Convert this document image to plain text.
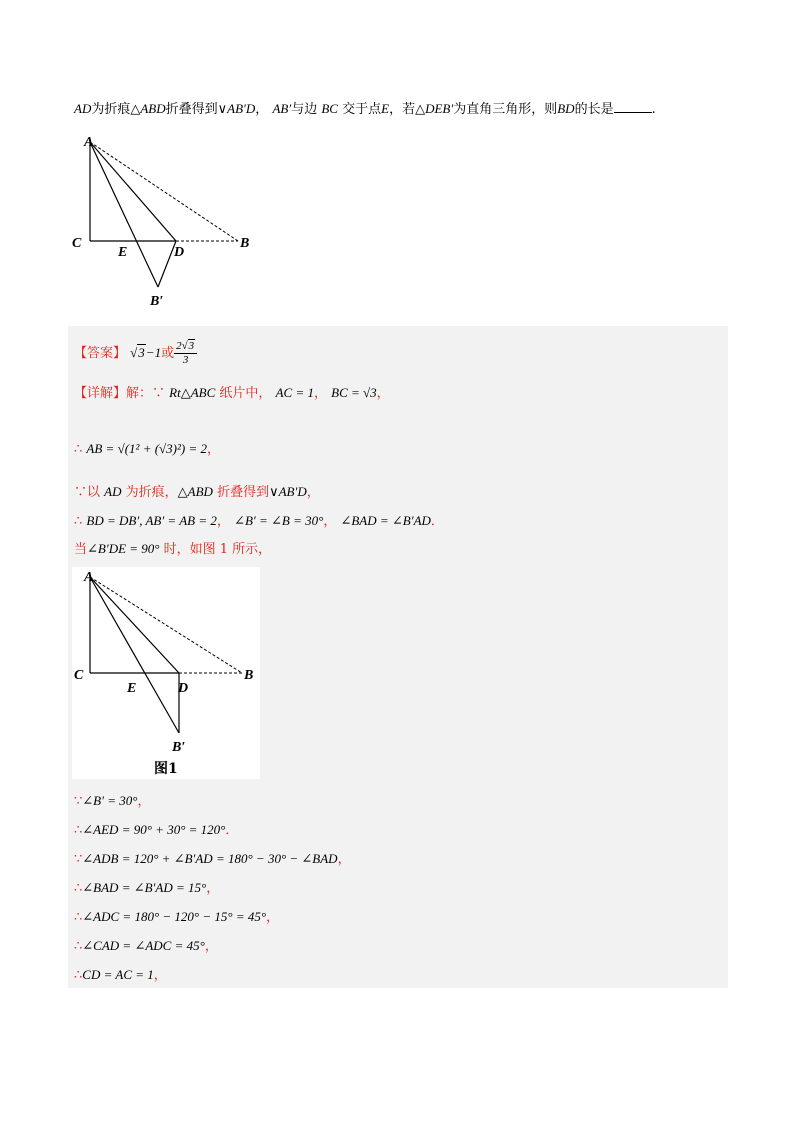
AD为折痕△ABD折叠得到∨AB′D， AB′与边 BC 交于点E，若△DEB′为直角三角形，则BD的长是	.
A
C
E	D
B
B′
【答案】 √3−1或 $\frac{2√3}{3}$
【详解】解：∵ Rt△ABC 纸片中， AC = 1， BC = √3，
∴ AB = √(1² + (√3)²) = 2，
∵以 AD 为折痕，△ABD 折叠得到∨AB′D，
∴ BD = DB′, AB′ = AB = 2， ∠B′ = ∠B = 30°， ∠BAD = ∠B′AD．
当∠B′DE = 90° 时，如图 1 所示，
A
C
E	D
B
B′
图1
∵∠B′ = 30°，
∴∠AED = 90° + 30° = 120°．
∵∠ADB = 120° + ∠B′AD = 180° − 30° − ∠BAD，
∴∠BAD = ∠B′AD = 15°，
∴∠ADC = 180° − 120° − 15° = 45°，
∴∠CAD = ∠ADC = 45°，
∴CD = AC = 1，
